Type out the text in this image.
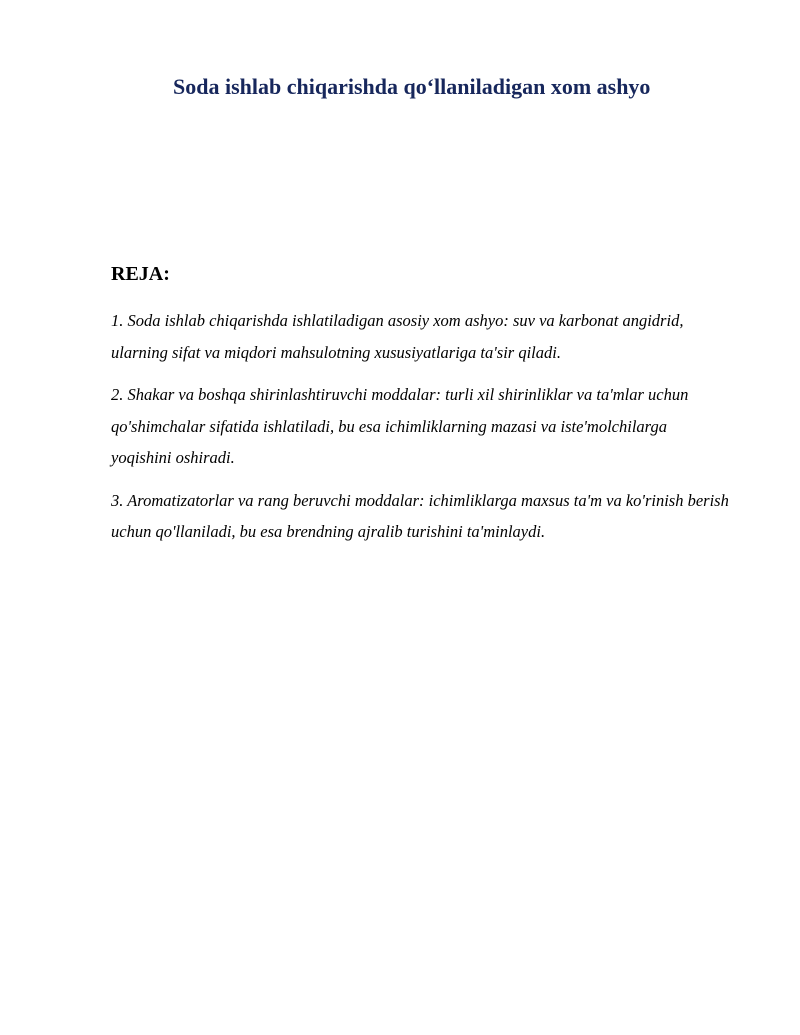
Soda ishlab chiqarishda qo‘llaniladigan xom ashyo
REJA:

1. Soda ishlab chiqarishda ishlatiladigan asosiy xom ashyo: suv va karbonat angidrid, ularning sifat va miqdori mahsulotning xususiyatlariga ta'sir qiladi.

2. Shakar va boshqa shirinlashtiruvchi moddalar: turli xil shirinliklar va ta'mlar uchun qo'shimchalar sifatida ishlatiladi, bu esa ichimliklarning mazasi va iste'molchilarga yoqishini oshiradi.

3. Aromatizatorlar va rang beruvchi moddalar: ichimliklarga maxsus ta'm va ko'rinish berish uchun qo'llaniladi, bu esa brendning ajralib turishini ta'minlaydi.
